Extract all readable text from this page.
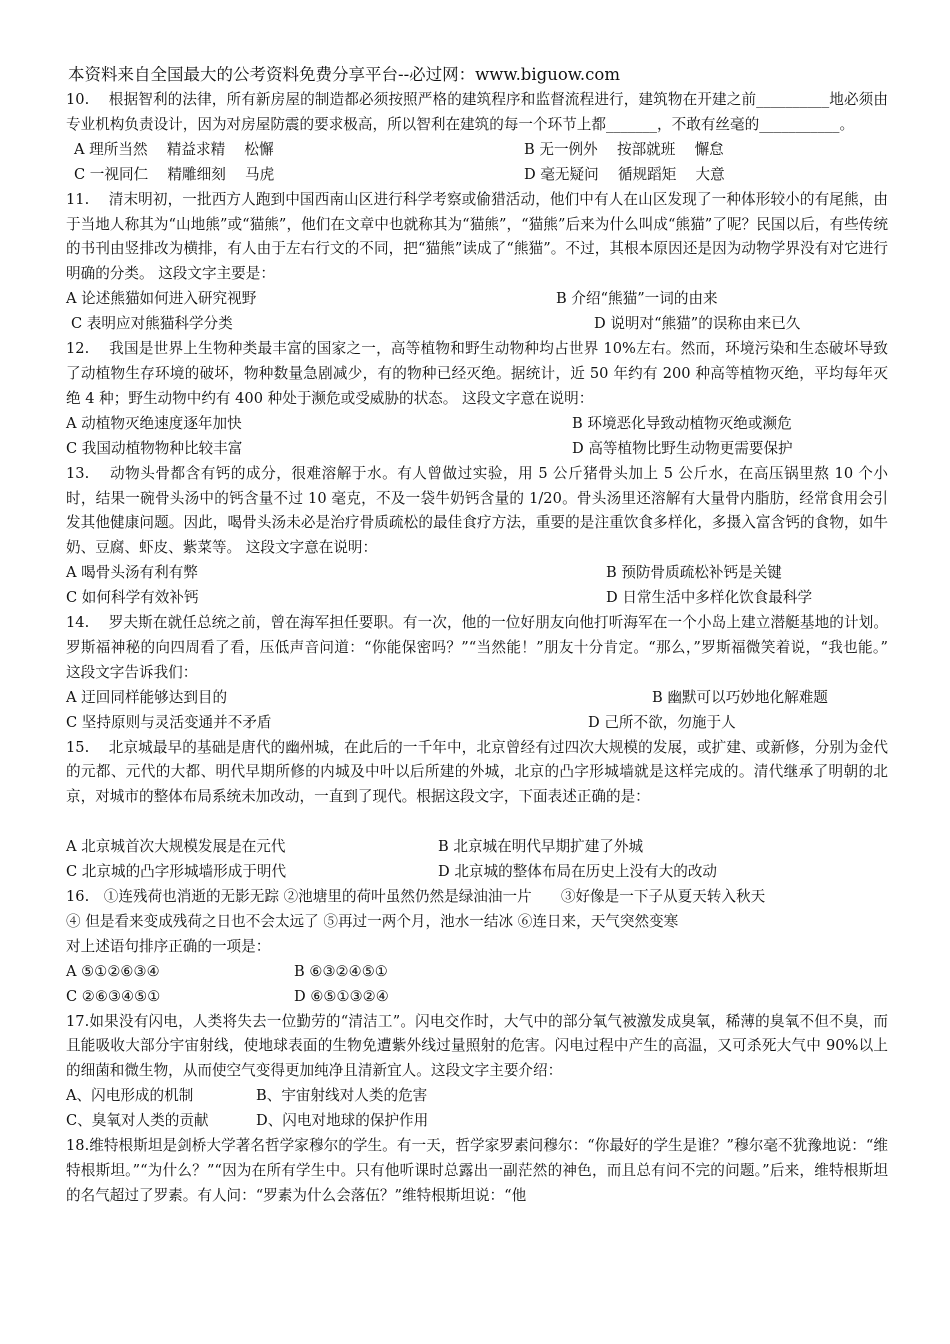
本资料来自全国最大的公考资料免费分享平台--必过网：www.biguow.com

10.　 根据智利的法律，所有新房屋的制造都必须按照严格的建筑程序和监督流程进行，建筑物在开建之前__________地必须由专业机构负责设计，因为对房屋防震的要求极高，所以智利在建筑的每一个环节上都_______，不敢有丝毫的___________。

A 理所当然　 精益求精　 松懈	B 无一例外　 按部就班　 懈怠
C 一视同仁　 精雕细刻　 马虎	D 毫无疑问　 循规蹈矩　 大意

11.　 清末明初，一批西方人跑到中国西南山区进行科学考察或偷猎活动，他们中有人在山区发现了一种体形较小的有尾熊，由于当地人称其为“山地熊”或“猫熊”，他们在文章中也就称其为“猫熊”，“猫熊”后来为什么叫成“熊猫”了呢？民国以后，有些传统的书刊由竖排改为横排，有人由于左右行文的不同，把“猫熊”读成了“熊猫”。不过，其根本原因还是因为动物学界没有对它进行明确的分类。 这段文字主要是：

A 论述熊猫如何进入研究视野	B 介绍“熊猫”一词的由来
C 表明应对熊猫科学分类	D 说明对“熊猫”的误称由来已久

12.　 我国是世界上生物种类最丰富的国家之一，高等植物和野生动物种均占世界 10%左右。然而，环境污染和生态破坏导致了动植物生存环境的破坏，物种数量急剧减少，有的物种已经灭绝。据统计，近 50 年约有 200 种高等植物灭绝，平均每年灭绝 4 种；野生动物中约有 400 种处于濒危或受威胁的状态。 这段文字意在说明：

A 动植物灭绝速度逐年加快	B 环境恶化导致动植物灭绝或濒危
C 我国动植物物种比较丰富	D 高等植物比野生动物更需要保护

13.　 动物头骨都含有钙的成分，很难溶解于水。有人曾做过实验，用 5 公斤猪骨头加上 5 公斤水，在高压锅里熬 10 个小时，结果一碗骨头汤中的钙含量不过 10 毫克，不及一袋牛奶钙含量的 1/20。骨头汤里还溶解有大量骨内脂肪，经常食用会引发其他健康问题。因此，喝骨头汤未必是治疗骨质疏松的最佳食疗方法，重要的是注重饮食多样化，多摄入富含钙的食物，如牛奶、豆腐、虾皮、紫菜等。 这段文字意在说明：

A 喝骨头汤有利有弊	B 预防骨质疏松补钙是关键
C 如何科学有效补钙	D 日常生活中多样化饮食最科学

14.　 罗夫斯在就任总统之前，曾在海军担任要职。有一次，他的一位好朋友向他打听海军在一个小岛上建立潜艇基地的计划。罗斯福神秘的向四周看了看，压低声音问道：“你能保密吗？”“当然能！”朋友十分肯定。“那么，”罗斯福微笑着说，“我也能。” 这段文字告诉我们：

A 迂回同样能够达到目的	B 幽默可以巧妙地化解难题
C 坚持原则与灵活变通并不矛盾	D 己所不欲，勿施于人

15.　 北京城最早的基础是唐代的幽州城，在此后的一千年中，北京曾经有过四次大规模的发展，或扩建、或新修，分别为金代的元都、元代的大都、明代早期所修的内城及中叶以后所建的外城，北京的凸字形城墙就是这样完成的。清代继承了明朝的北京，对城市的整体布局系统未加改动，一直到了现代。根据这段文字，下面表述正确的是：

A 北京城首次大规模发展是在元代	B 北京城在明代早期扩建了外城
C 北京城的凸字形城墙形成于明代	D 北京城的整体布局在历史上没有大的改动

16.　①连残荷也消逝的无影无踪 ②池塘里的荷叶虽然仍然是绿油油一片　　③好像是一下子从夏天转入秋天

④ 但是看来变成残荷之日也不会太远了 ⑤再过一两个月，池水一结冰 ⑥连日来，天气突然变寒

对上述语句排序正确的一项是：

A ⑤①②⑥③④	B ⑥③②④⑤①
C ②⑥③④⑤①	D ⑥⑤①③②④

17.如果没有闪电，人类将失去一位勤劳的“清洁工”。闪电交作时，大气中的部分氧气被激发成臭氧，稀薄的臭氧不但不臭，而且能吸收大部分宇宙射线，使地球表面的生物免遭紫外线过量照射的危害。闪电过程中产生的高温，又可杀死大气中 90%以上的细菌和微生物，从而使空气变得更加纯净且清新宜人。这段文字主要介绍：

A、闪电形成的机制	B、宇宙射线对人类的危害
C、臭氧对人类的贡献	D、闪电对地球的保护作用

18.维特根斯坦是剑桥大学著名哲学家穆尔的学生。有一天，哲学家罗素问穆尔：“你最好的学生是谁？”穆尔毫不犹豫地说：“维特根斯坦。”“为什么？”“因为在所有学生中。只有他听课时总露出一副茫然的神色，而且总有问不完的问题。”后来，维特根斯坦的名气超过了罗素。有人问：“罗素为什么会落伍？”维特根斯坦说：“他
